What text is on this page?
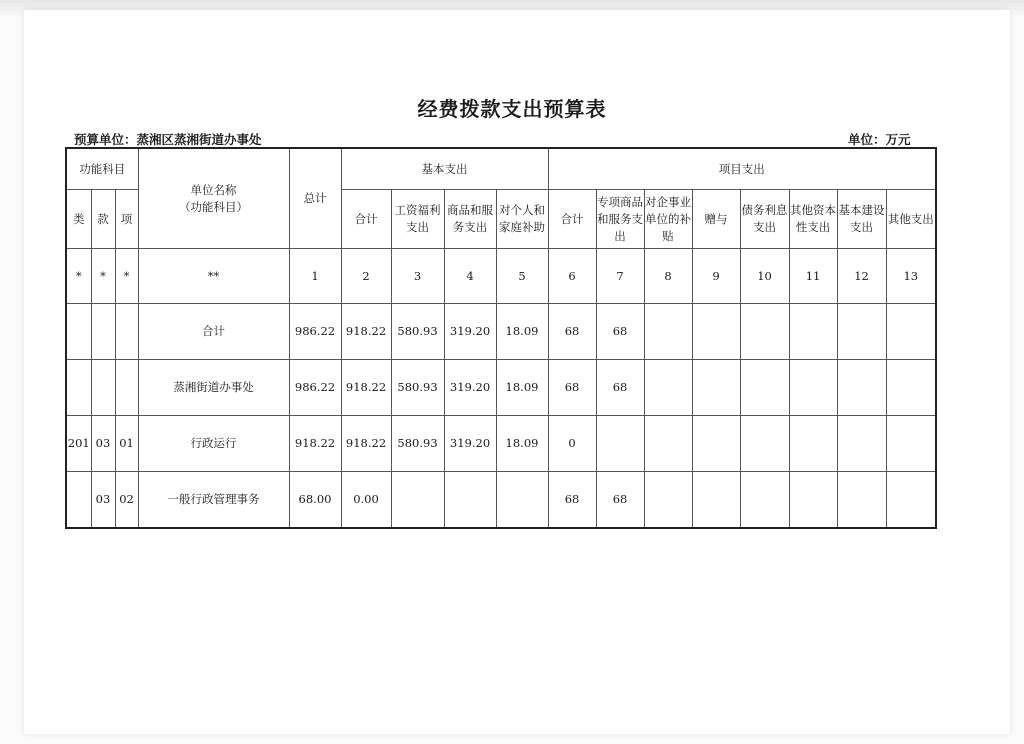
经费拨款支出预算表
预算单位：蒸湘区蒸湘街道办事处	单位：万元
功能科目			单位名称
（功能科目）	总计	基本支出				项目支出							
类	款	项			合计	工资福利支出	商品和服务支出	对个人和家庭补助	合计	专项商品和服务支出	对企事业单位的补贴	赠与	债务利息支出	其他资本性支出	基本建设支出	其他支出
*	*	*	**	1	2	3	4	5	6	7	8	9	10	11	12	13
			合计	986.22	918.22	580.93	319.20	18.09	68	68						
			蒸湘街道办事处	986.22	918.22	580.93	319.20	18.09	68	68						
201	03	01	行政运行	918.22	918.22	580.93	319.20	18.09	0							
	03	02	一般行政管理事务	68.00	0.00				68	68						
